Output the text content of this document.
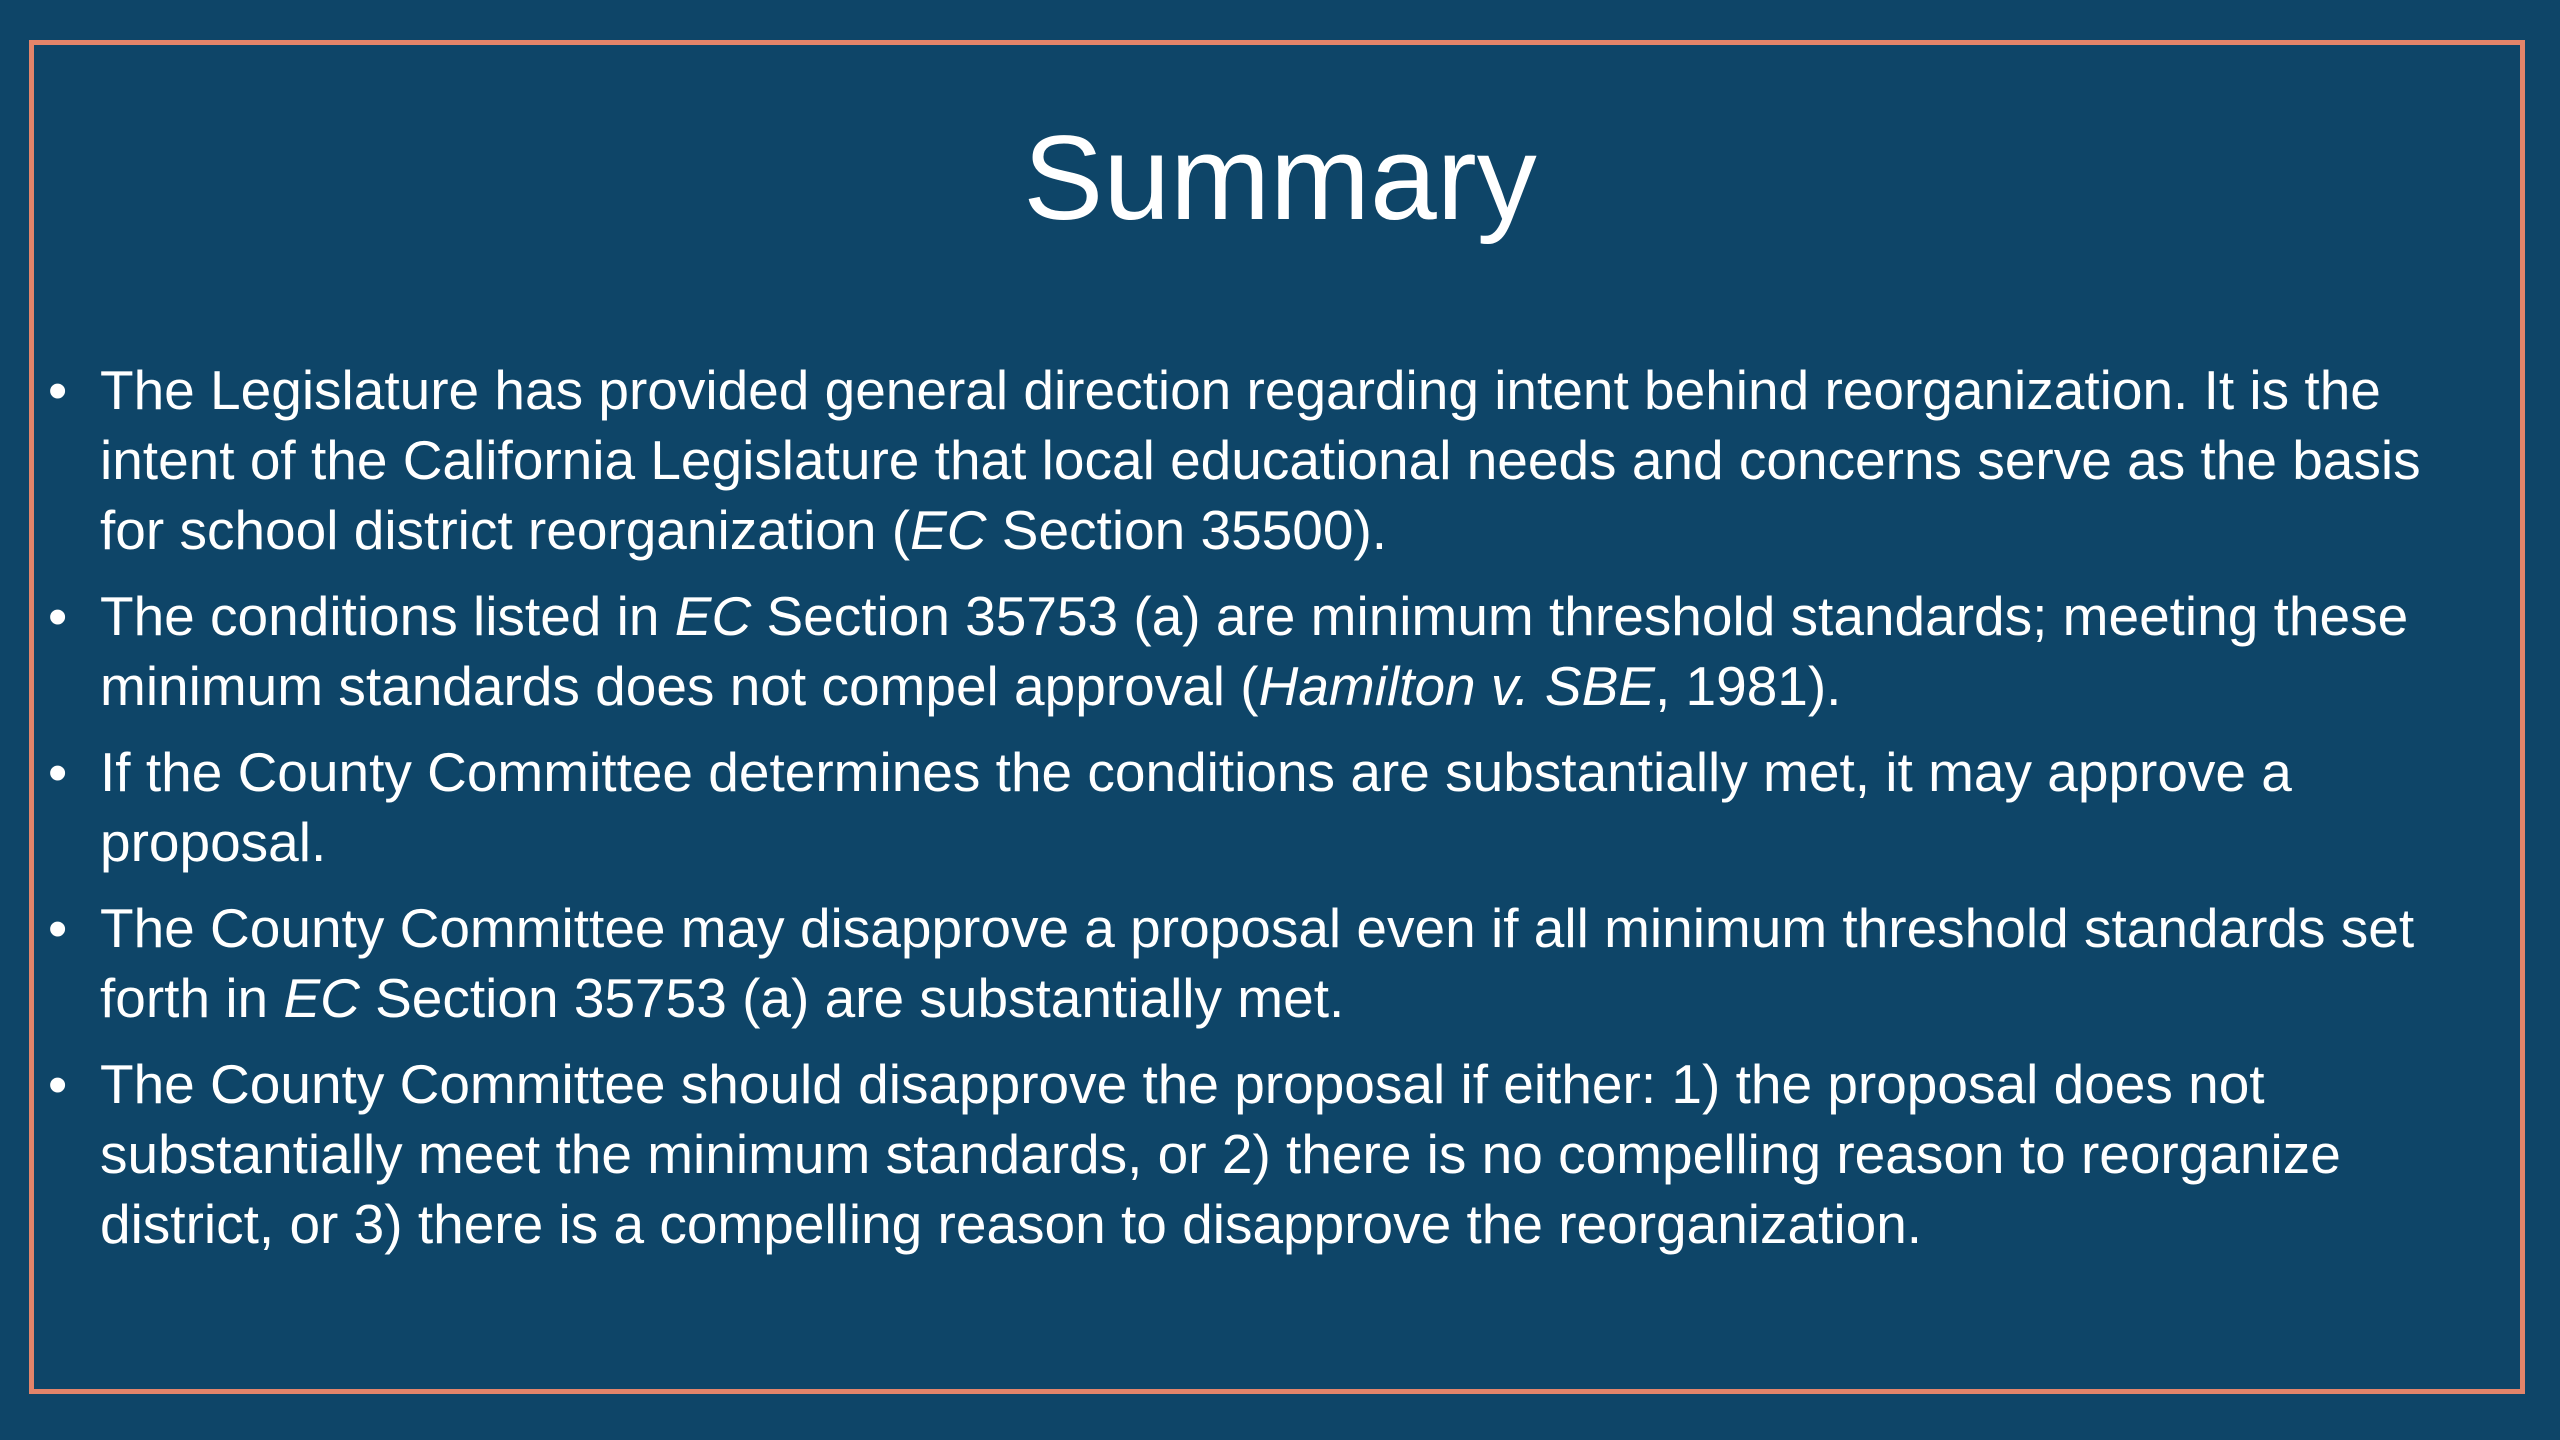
Summary
• The Legislature has provided general direction regarding intent behind reorganization. It is the intent of the California Legislature that local educational needs and concerns serve as the basis for school district reorganization (EC Section 35500).
• The conditions listed in EC Section 35753 (a) are minimum threshold standards; meeting these minimum standards does not compel approval (Hamilton v. SBE, 1981).
• If the County Committee determines the conditions are substantially met, it may approve a proposal.
• The County Committee may disapprove a proposal even if all minimum threshold standards set forth in EC Section 35753 (a) are substantially met.
• The County Committee should disapprove the proposal if either: 1) the proposal does not substantially meet the minimum standards, or 2) there is no compelling reason to reorganize district, or 3) there is a compelling reason to disapprove the reorganization.
